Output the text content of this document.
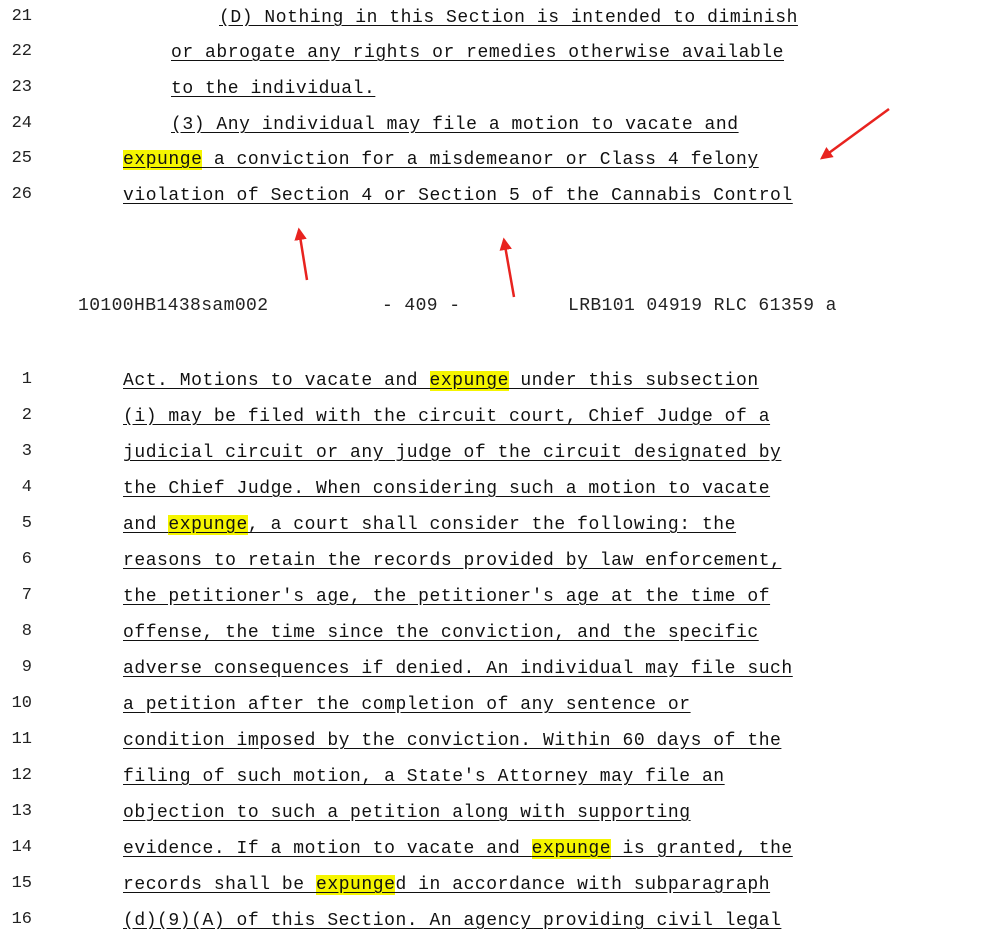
21	(D) Nothing in this Section is intended to diminish
22	or abrogate any rights or remedies otherwise available
23	to the individual.
24	(3) Any individual may file a motion to vacate and
25	expunge a conviction for a misdemeanor or Class 4 felony
26	violation of Section 4 or Section 5 of the Cannabis Control
10100HB1438sam002	- 409 -	LRB101 04919 RLC 61359 a
1	Act. Motions to vacate and expunge under this subsection
2	(i) may be filed with the circuit court, Chief Judge of a
3	judicial circuit or any judge of the circuit designated by
4	the Chief Judge. When considering such a motion to vacate
5	and expunge, a court shall consider the following: the
6	reasons to retain the records provided by law enforcement,
7	the petitioner's age, the petitioner's age at the time of
8	offense, the time since the conviction, and the specific
9	adverse consequences if denied. An individual may file such
10	a petition after the completion of any sentence or
11	condition imposed by the conviction. Within 60 days of the
12	filing of such motion, a State's Attorney may file an
13	objection to such a petition along with supporting
14	evidence. If a motion to vacate and expunge is granted, the
15	records shall be expunged in accordance with subparagraph
16	(d)(9)(A) of this Section. An agency providing civil legal
